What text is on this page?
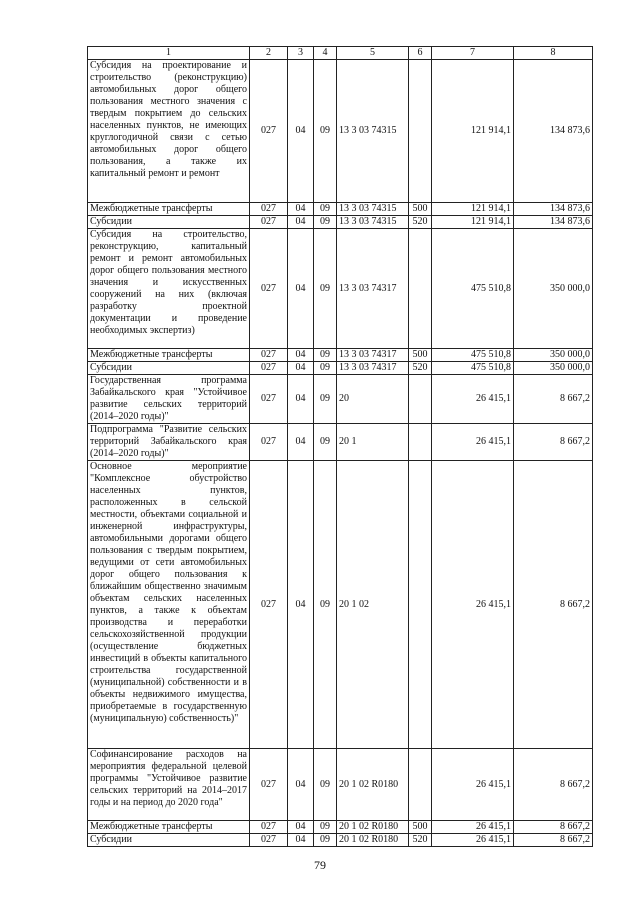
1	2	3	4	5	6	7	8
Субсидия на проектирование и строительство (реконструкцию) автомобильных дорог общего пользования местного значения с твердым покрытием до сельских населенных пунктов, не имеющих круглогодичной связи с сетью автомобильных дорог общего пользования, а также их капитальный ремонт и ремонт	027	04	09	13 3 03 74315		121 914,1	134 873,6
Межбюджетные трансферты	027	04	09	13 3 03 74315	500	121 914,1	134 873,6
Субсидии	027	04	09	13 3 03 74315	520	121 914,1	134 873,6
Субсидия на строительство, реконструкцию, капитальный ремонт и ремонт автомобильных дорог общего пользования местного значения и искусственных сооружений на них (включая разработку проектной документации и проведение необходимых экспертиз)	027	04	09	13 3 03 74317		475 510,8	350 000,0
Межбюджетные трансферты	027	04	09	13 3 03 74317	500	475 510,8	350 000,0
Субсидии	027	04	09	13 3 03 74317	520	475 510,8	350 000,0
Государственная программа Забайкальского края "Устойчивое развитие сельских территорий (2014–2020 годы)"	027	04	09	20		26 415,1	8 667,2
Подпрограмма "Развитие сельских территорий Забайкальского края (2014–2020 годы)"	027	04	09	20 1		26 415,1	8 667,2
Основное мероприятие "Комплексное обустройство населенных пунктов, расположенных в сельской местности, объектами социальной и инженерной инфраструктуры, автомобильными дорогами общего пользования с твердым покрытием, ведущими от сети автомобильных дорог общего пользования к ближайшим общественно значимым объектам сельских населенных пунктов, а также к объектам производства и переработки сельскохозяйственной продукции (осуществление бюджетных инвестиций в объекты капитального строительства государственной (муниципальной) собственности и в объекты недвижимого имущества, приобретаемые в государственную (муниципальную) собственность)"	027	04	09	20 1 02		26 415,1	8 667,2
Софинансирование расходов на мероприятия федеральной целевой программы "Устойчивое развитие сельских территорий на 2014–2017 годы и на период до 2020 года"	027	04	09	20 1 02 R0180		26 415,1	8 667,2
Межбюджетные трансферты	027	04	09	20 1 02 R0180	500	26 415,1	8 667,2
Субсидии	027	04	09	20 1 02 R0180	520	26 415,1	8 667,2
79
